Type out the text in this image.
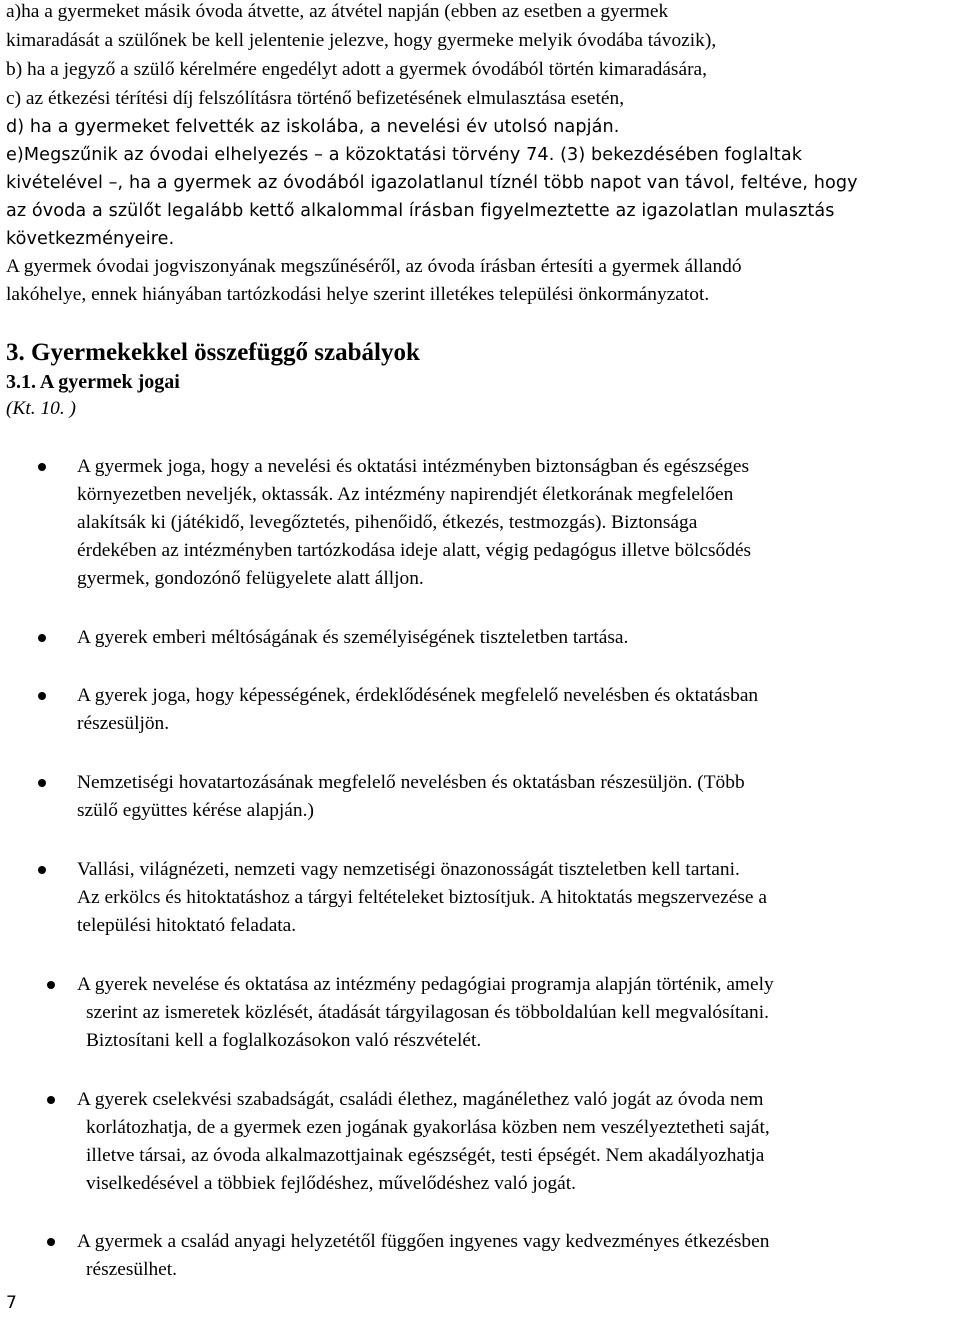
a)ha a gyermeket másik óvoda átvette, az átvétel napján (ebben az esetben a gyermek
kimaradását a szülőnek be kell jelentenie jelezve, hogy gyermeke melyik óvodába távozik),
b) ha a jegyző a szülő kérelmére engedélyt adott a gyermek óvodából történ kimaradására,
c) az étkezési térítési díj felszólításra történő befizetésének elmulasztása esetén,
d) ha a gyermeket felvették az iskolába, a nevelési év utolsó napján.
e)Megszűnik az óvodai elhelyezés – a közoktatási törvény 74. (3) bekezdésében foglaltak
kivételével –, ha a gyermek az óvodából igazolatlanul tíznél több napot van távol, feltéve, hogy
az óvoda a szülőt legalább kettő alkalommal írásban figyelmeztette az igazolatlan mulasztás
következményeire.
A gyermek óvodai jogviszonyának megszűnéséről, az óvoda írásban értesíti a gyermek állandó
lakóhelye, ennek hiányában tartózkodási helye szerint illetékes települési önkormányzatot.
3. Gyermekekkel összefüggő szabályok
3.1. A gyermek jogai
(Kt. 10. )
A gyermek joga, hogy a nevelési és oktatási intézményben biztonságban és egészséges
környezetben neveljék, oktassák. Az intézmény napirendjét életkorának megfelelően
alakítsák ki (játékidő, levegőztetés, pihenőidő, étkezés, testmozgás). Biztonsága
érdekében az intézményben tartózkodása ideje alatt, végig pedagógus illetve bölcsődés
gyermek, gondozónő felügyelete alatt álljon.
A gyerek emberi méltóságának és személyiségének tiszteletben tartása.
A gyerek joga, hogy képességének, érdeklődésének megfelelő nevelésben és oktatásban
részesüljön.
Nemzetiségi hovatartozásának megfelelő nevelésben és oktatásban részesüljön. (Több
szülő együttes kérése alapján.)
Vallási, világnézeti, nemzeti vagy nemzetiségi önazonosságát tiszteletben kell tartani.
Az erkölcs és hitoktatáshoz a tárgyi feltételeket biztosítjuk. A hitoktatás megszervezése a
települési hitoktató feladata.
A gyerek nevelése és oktatása az intézmény pedagógiai programja alapján történik, amely
szerint az ismeretek közlését, átadását tárgyilagosan és többoldalúan kell megvalósítani.
Biztosítani kell a foglalkozásokon való részvételét.
A gyerek cselekvési szabadságát, családi élethez, magánélethez való jogát az óvoda nem
korlátozhatja, de a gyermek ezen jogának gyakorlása közben nem veszélyeztetheti saját,
illetve társai, az óvoda alkalmazottjainak egészségét, testi épségét. Nem akadályozhatja
viselkedésével a többiek fejlődéshez, művelődéshez való jogát.
A gyermek a család anyagi helyzetétől függően ingyenes vagy kedvezményes étkezésben
részesülhet.
7
